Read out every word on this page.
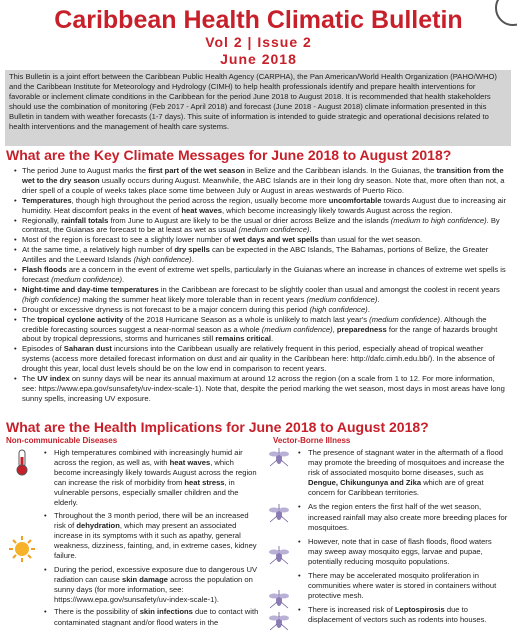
Caribbean Health Climatic Bulletin
Vol 2 | Issue 2
June 2018
This Bulletin is a joint effort between the Caribbean Public Health Agency (CARPHA), the Pan American/World Health Organization (PAHO/WHO) and the Caribbean Institute for Meteorology and Hydrology (CIMH) to help health professionals identify and prepare health interventions for favorable or inclement climate conditions in the Caribbean for the period June 2018 to August 2018. It is recommended that health stakeholders should use the combination of monitoring (Feb 2017 - April 2018) and forecast (June 2018 - August 2018) climate information presented in this Bulletin in tandem with weather forecasts (1-7 days). This suite of information is intended to guide strategic and operational decisions related to health interventions and the management of health care systems.
What are the Key Climate Messages for June 2018 to August 2018?
• The period June to August marks the first part of the wet season in Belize and the Caribbean islands. In the Guianas, the transition from the wet to the dry season usually occurs during August. Meanwhile, the ABC Islands are in their long dry season. Note that, more often than not, a drier spell of a couple of weeks takes place some time between July or August in areas westwards of Puerto Rico.
• Temperatures, though high throughout the period across the region, usually become more uncomfortable towards August due to increasing air humidity. Heat discomfort peaks in the event of heat waves, which become increasingly likely towards August across the region.
• Regionally, rainfall totals from June to August are likely to be the usual or drier across Belize and the islands (medium to high confidence). By contrast, the Guianas are forecast to be at least as wet as usual (medium confidence).
• Most of the region is forecast to see a slightly lower number of wet days and wet spells than usual for the wet season.
• At the same time, a relatively high number of dry spells can be expected in the ABC Islands, The Bahamas, portions of Belize, the Greater Antilles and the Leeward Islands (high confidence).
• Flash floods are a concern in the event of extreme wet spells, particularly in the Guianas where an increase in chances of extreme wet spells is forecast (medium confidence).
• Night-time and day-time temperatures in the Caribbean are forecast to be slightly cooler than usual and amongst the coolest in recent years (high confidence) making the summer heat likely more tolerable than in recent years (medium confidence).
• Drought or excessive dryness is not forecast to be a major concern during this period (high confidence).
• The tropical cyclone activity of the 2018 Hurricane Season as a whole is unlikely to match last year's (medium confidence). Although the credible forecasting sources suggest a near-normal season as a whole (medium confidence), preparedness for the range of hazards brought about by tropical depressions, storms and hurricanes still remains critical.
• Episodes of Saharan dust incursions into the Caribbean usually are relatively frequent in this period, especially ahead of tropical weather systems (access more detailed forecast information on dust and air quality in the Caribbean here: http://dafc.cimh.edu.bb/). In the absence of drought this year, local dust levels should be on the low end in comparison to recent years.
• The UV index on sunny days will be near its annual maximum at around 12 across the region (on a scale from 1 to 12. For more information, see: https://www.epa.gov/sunsafety/uv-index-scale-1). Note that, despite the period marking the wet season, most days in most areas have long sunny spells, increasing UV exposure.
What are the Health Implications for June 2018 to August 2018?
Non-communicable Diseases	Vector-Borne Illness
• High temperatures combined with increasingly humid air across the region, as well as, with heat waves, which become increasingly likely towards August across the region can increase the risk of morbidity from heat stress, in vulnerable persons, especially smaller children and the elderly.
• Throughout the 3 month period, there will be an increased risk of dehydration, which may present an associated increase in its symptoms with it such as apathy, general weakness, dizziness, fainting, and, in extreme cases, kidney failure.
• During the period, excessive exposure due to dangerous UV radiation can cause skin damage across the population on sunny days (for more information, see: https://www.epa.gov/sunsafety/uv-index-scale-1).
• There is the possibility of skin infections due to contact with contaminated stagnant and/or flood waters in the
• The presence of stagnant water in the aftermath of a flood may promote the breeding of mosquitoes and increase the risk of associated mosquito borne diseases, such as Dengue, Chikungunya and Zika which are of great concern for Caribbean territories.
• As the region enters the first half of the wet season, increased rainfall may also create more breeding places for mosquitoes.
• However, note that in case of flash floods, flood waters may sweep away mosquito eggs, larvae and pupae, potentially reducing mosquito populations.
• There may be accelerated mosquito proliferation in communities where water is stored in containers without protective mesh.
• There is increased risk of Leptospirosis due to displacement of vectors such as rodents into houses.
